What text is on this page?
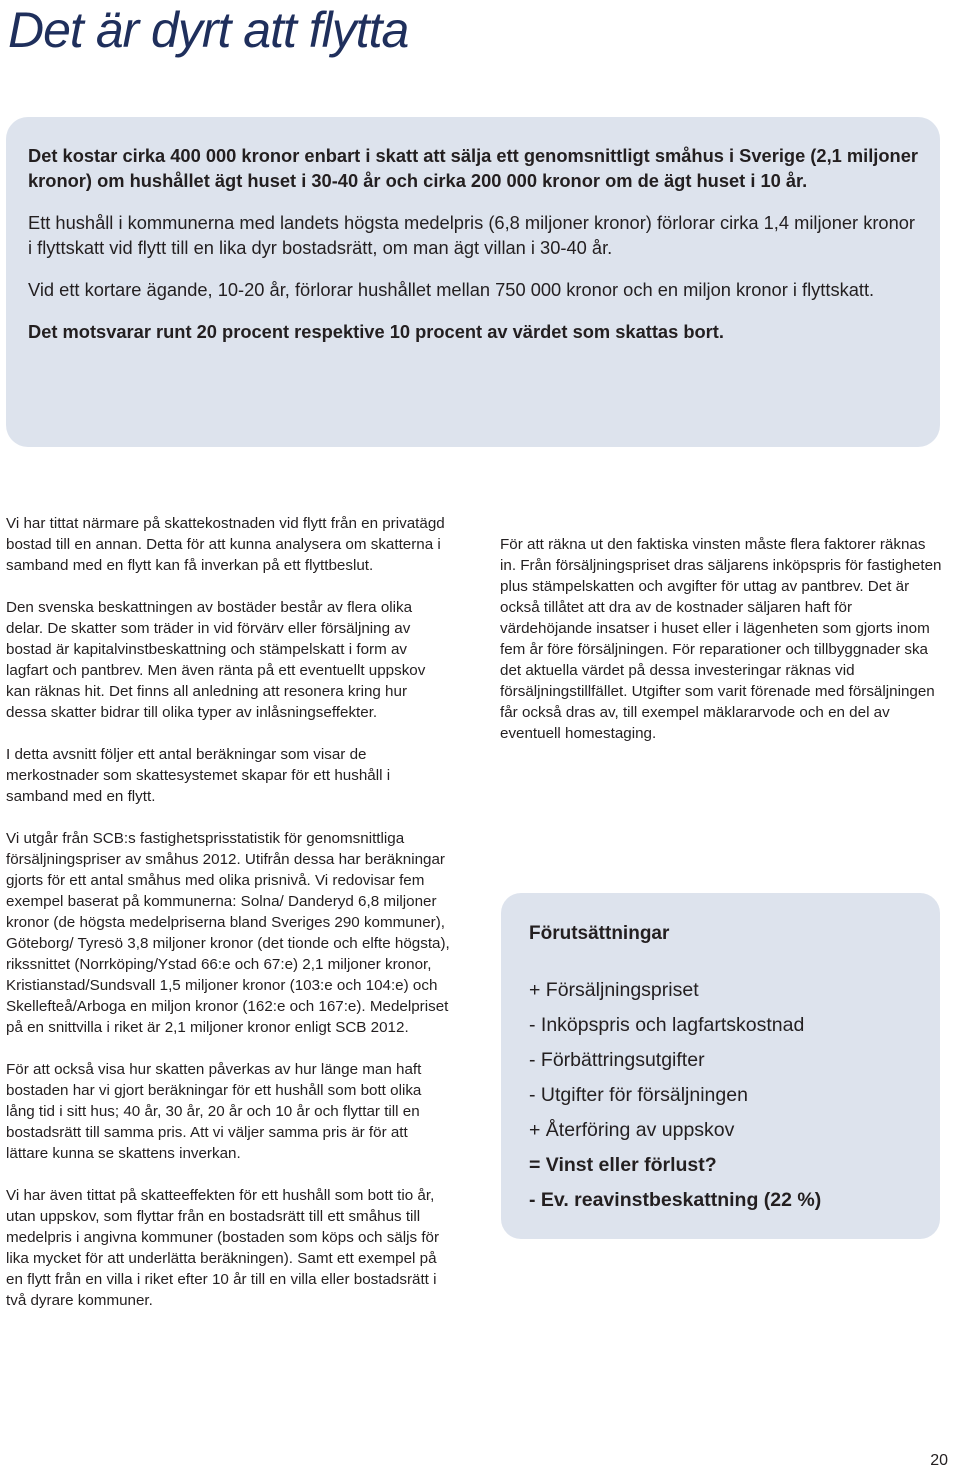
Det är dyrt att flytta

Det kostar cirka 400 000 kronor enbart i skatt att sälja ett genomsnittligt småhus i Sverige (2,1 miljoner kronor) om hushållet ägt huset i 30-40 år och cirka 200 000 kronor om de ägt huset i 10 år.

Ett hushåll i kommunerna med landets högsta medelpris (6,8 miljoner kronor) förlorar cirka 1,4 miljoner kronor i flyttskatt vid flytt till en lika dyr bostadsrätt, om man ägt villan i 30-40 år.

Vid ett kortare ägande, 10-20 år, förlorar hushållet mellan 750 000 kronor och en miljon kronor i flyttskatt.

Det motsvarar runt 20 procent respektive 10 procent av värdet som skattas bort.

Vi har tittat närmare på skattekostnaden vid flytt från en privatägd bostad till en annan. Detta för att kunna analysera om skatterna i samband med en flytt kan få inverkan på ett flyttbeslut.

Den svenska beskattningen av bostäder består av flera olika delar. De skatter som träder in vid förvärv eller försäljning av bostad är kapitalvinstbeskattning och stämpelskatt i form av lagfart och pantbrev. Men även ränta på ett eventuellt uppskov kan räknas hit. Det finns all anledning att resonera kring hur dessa skatter bidrar till olika typer av inlåsningseffekter.

I detta avsnitt följer ett antal beräkningar som visar de merkostnader som skattesystemet skapar för ett hushåll i samband med en flytt.

Vi utgår från SCB:s fastighetsprisstatistik för genomsnittliga försäljningspriser av småhus 2012. Utifrån dessa har beräkningar gjorts för ett antal småhus med olika prisnivå. Vi redovisar fem exempel baserat på kommunerna: Solna/ Danderyd 6,8 miljoner kronor (de högsta medelpriserna bland Sveriges 290 kommuner), Göteborg/ Tyresö 3,8 miljoner kronor (det tionde och elfte högsta), rikssnittet (Norrköping/Ystad 66:e och 67:e) 2,1 miljoner kronor, Kristianstad/Sundsvall 1,5 miljoner kronor (103:e och 104:e) och Skellefteå/Arboga en miljon kronor (162:e och 167:e). Medelpriset på en snittvilla i riket är 2,1 miljoner kronor enligt SCB 2012.

För att också visa hur skatten påverkas av hur länge man haft bostaden har vi gjort beräkningar för ett hushåll som bott olika lång tid i sitt hus; 40 år, 30 år, 20 år och 10 år och flyttar till en bostadsrätt till samma pris. Att vi väljer samma pris är för att lättare kunna se skattens inverkan.

Vi har även tittat på skatteeffekten för ett hushåll som bott tio år, utan uppskov, som flyttar från en bostadsrätt till ett småhus till medelpris i angivna kommuner (bostaden som köps och säljs för lika mycket för att underlätta beräkningen). Samt ett exempel på en flytt från en villa i riket efter 10 år till en villa eller bostadsrätt i två dyrare kommuner.

För att räkna ut den faktiska vinsten måste flera faktorer räknas in. Från försäljningspriset dras säljarens inköpspris för fastigheten plus stämpelskatten och avgifter för uttag av pantbrev. Det är också tillåtet att dra av de kostnader säljaren haft för värdehöjande insatser i huset eller i lägenheten som gjorts inom fem år före försäljningen. För reparationer och tillbyggnader ska det aktuella värdet på dessa investeringar räknas vid försäljningstillfället. Utgifter som varit förenade med försäljningen får också dras av, till exempel mäklararvode och en del av eventuell homestaging.

Förutsättningar
+ Försäljningspriset
- Inköpspris och lagfartskostnad
- Förbättringsutgifter
- Utgifter för försäljningen
+ Återföring av uppskov
= Vinst eller förlust?
- Ev. reavinstbeskattning (22 %)
20
